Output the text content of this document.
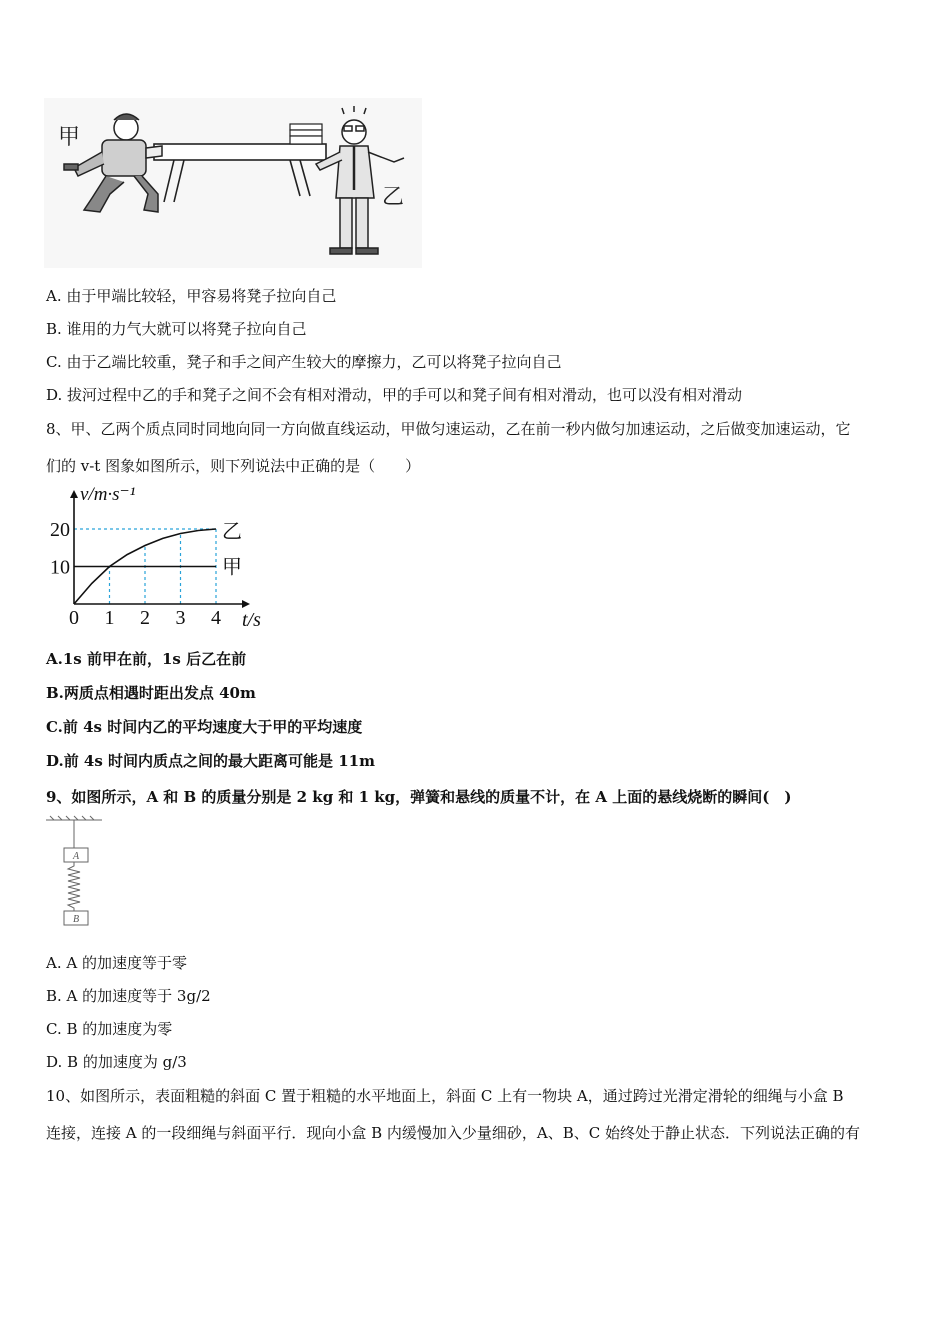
甲
乙
A. 由于甲端比较轻，甲容易将凳子拉向自己
B. 谁用的力气大就可以将凳子拉向自己
C. 由于乙端比较重，凳子和手之间产生较大的摩擦力，乙可以将凳子拉向自己
D. 拔河过程中乙的手和凳子之间不会有相对滑动，甲的手可以和凳子间有相对滑动，也可以没有相对滑动
8、甲、乙两个质点同时同地向同一方向做直线运动，甲做匀速运动，乙在前一秒内做匀加速运动，之后做变加速运动，它
们的 v-t 图象如图所示，则下列说法中正确的是（　　）
甲
乙
0 1 2 3 4
10
20
v/m·s⁻¹
t/s
A.1s 前甲在前，1s 后乙在前
B.两质点相遇时距出发点 40m
C.前 4s 时间内乙的平均速度大于甲的平均速度
D.前 4s 时间内质点之间的最大距离可能是 11m
9、如图所示，A 和 B 的质量分别是 2 kg 和 1 kg，弹簧和悬线的质量不计，在 A 上面的悬线烧断的瞬间(　)
A
B
A. A 的加速度等于零
B. A 的加速度等于 3g/2
C. B 的加速度为零
D. B 的加速度为 g/3
10、如图所示，表面粗糙的斜面 C 置于粗糙的水平地面上，斜面 C 上有一物块 A，通过跨过光滑定滑轮的细绳与小盒 B
连接，连接 A 的一段细绳与斜面平行．现向小盒 B 内缓慢加入少量细砂，A、B、C 始终处于静止状态．下列说法正确的有
